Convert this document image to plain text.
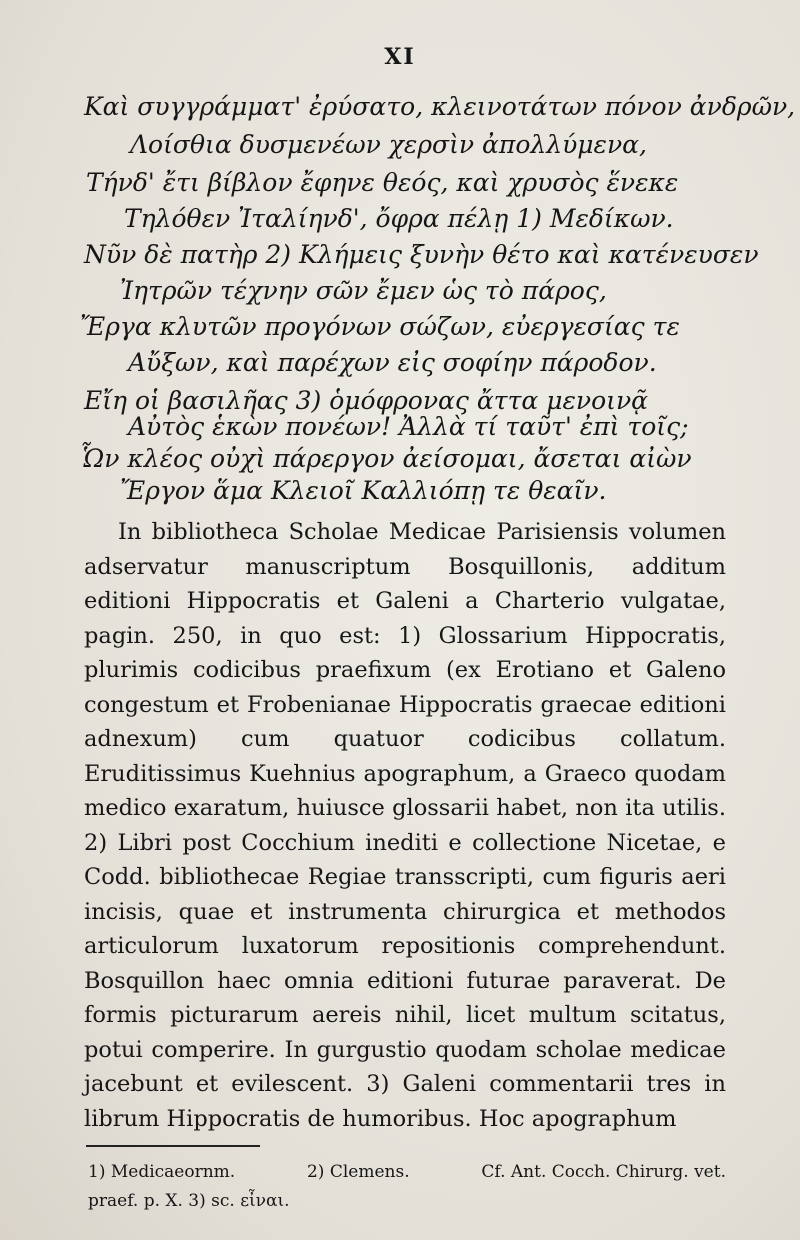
XI
Καὶ συγγράμματ' ἐρύσατο, κλεινοτάτων πόνον ἀνδρῶν,
Λοίσθια δυσμενέων χερσὶν ἀπολλύμενα,
Τήνδ' ἔτι βίβλον ἔφηνε θεός, καὶ χρυσὸς ἕνεκε
Τηλόθεν Ἰταλίηνδ', ὄφρα πέλῃ 1) Μεδίκων.
Νῦν δὲ πατὴρ 2) Κλήμεις ξυνὴν θέτο καὶ κατένευσεν
Ἰητρῶν τέχνην σῶν ἔμεν ὡς τὸ πάρος,
Ἔργα κλυτῶν προγόνων σώζων, εὐεργεσίας τε
Αὔξων, καὶ παρέχων εἰς σοφίην πάροδον.
Εἴη οἱ βασιλῆας 3) ὁμόφρονας ἄττα μενοινᾷ
Αὐτὸς ἑκὼν πονέων! Ἀλλὰ τί ταῦτ' ἐπὶ τοῖς;
Ὧν κλέος οὐχὶ πάρεργον ἀείσομαι, ἄσεται αἰὼν
Ἔργον ἅμα Κλειοῖ Καλλιόπῃ τε θεαῖν.

In bibliotheca Scholae Medicae Parisiensis volumen adservatur manuscriptum Bosquillonis, additum editioni Hippocratis et Galeni a Charterio vulgatae, pagin. 250, in quo est: 1) Glossarium Hippocratis, plurimis codicibus praefixum (ex Erotiano et Galeno congestum et Frobenianae Hippocratis graecae editioni adnexum) cum quatuor codicibus collatum. Eruditissimus Kuehnius apographum, a Graeco quodam medico exaratum, huiusce glossarii habet, non ita utilis. 2) Libri post Cocchium inediti e collectione Nicetae, e Codd. bibliothecae Regiae transscripti, cum figuris aeri incisis, quae et instrumenta chirurgica et methodos articulorum luxatorum repositionis comprehendunt. Bosquillon haec omnia editioni futurae paraverat. De formis picturarum aereis nihil, licet multum scitatus, potui comperire. In gurgustio quodam scholae medicae jacebunt et evilescent. 3) Galeni commentarii tres in librum Hippocratis de humoribus. Hoc apographum

1) Medicaeornm.	2) Clemens.	Cf. Ant. Cocch. Chirurg. vet.
praef. p. X. 3) sc. εἶναι.
